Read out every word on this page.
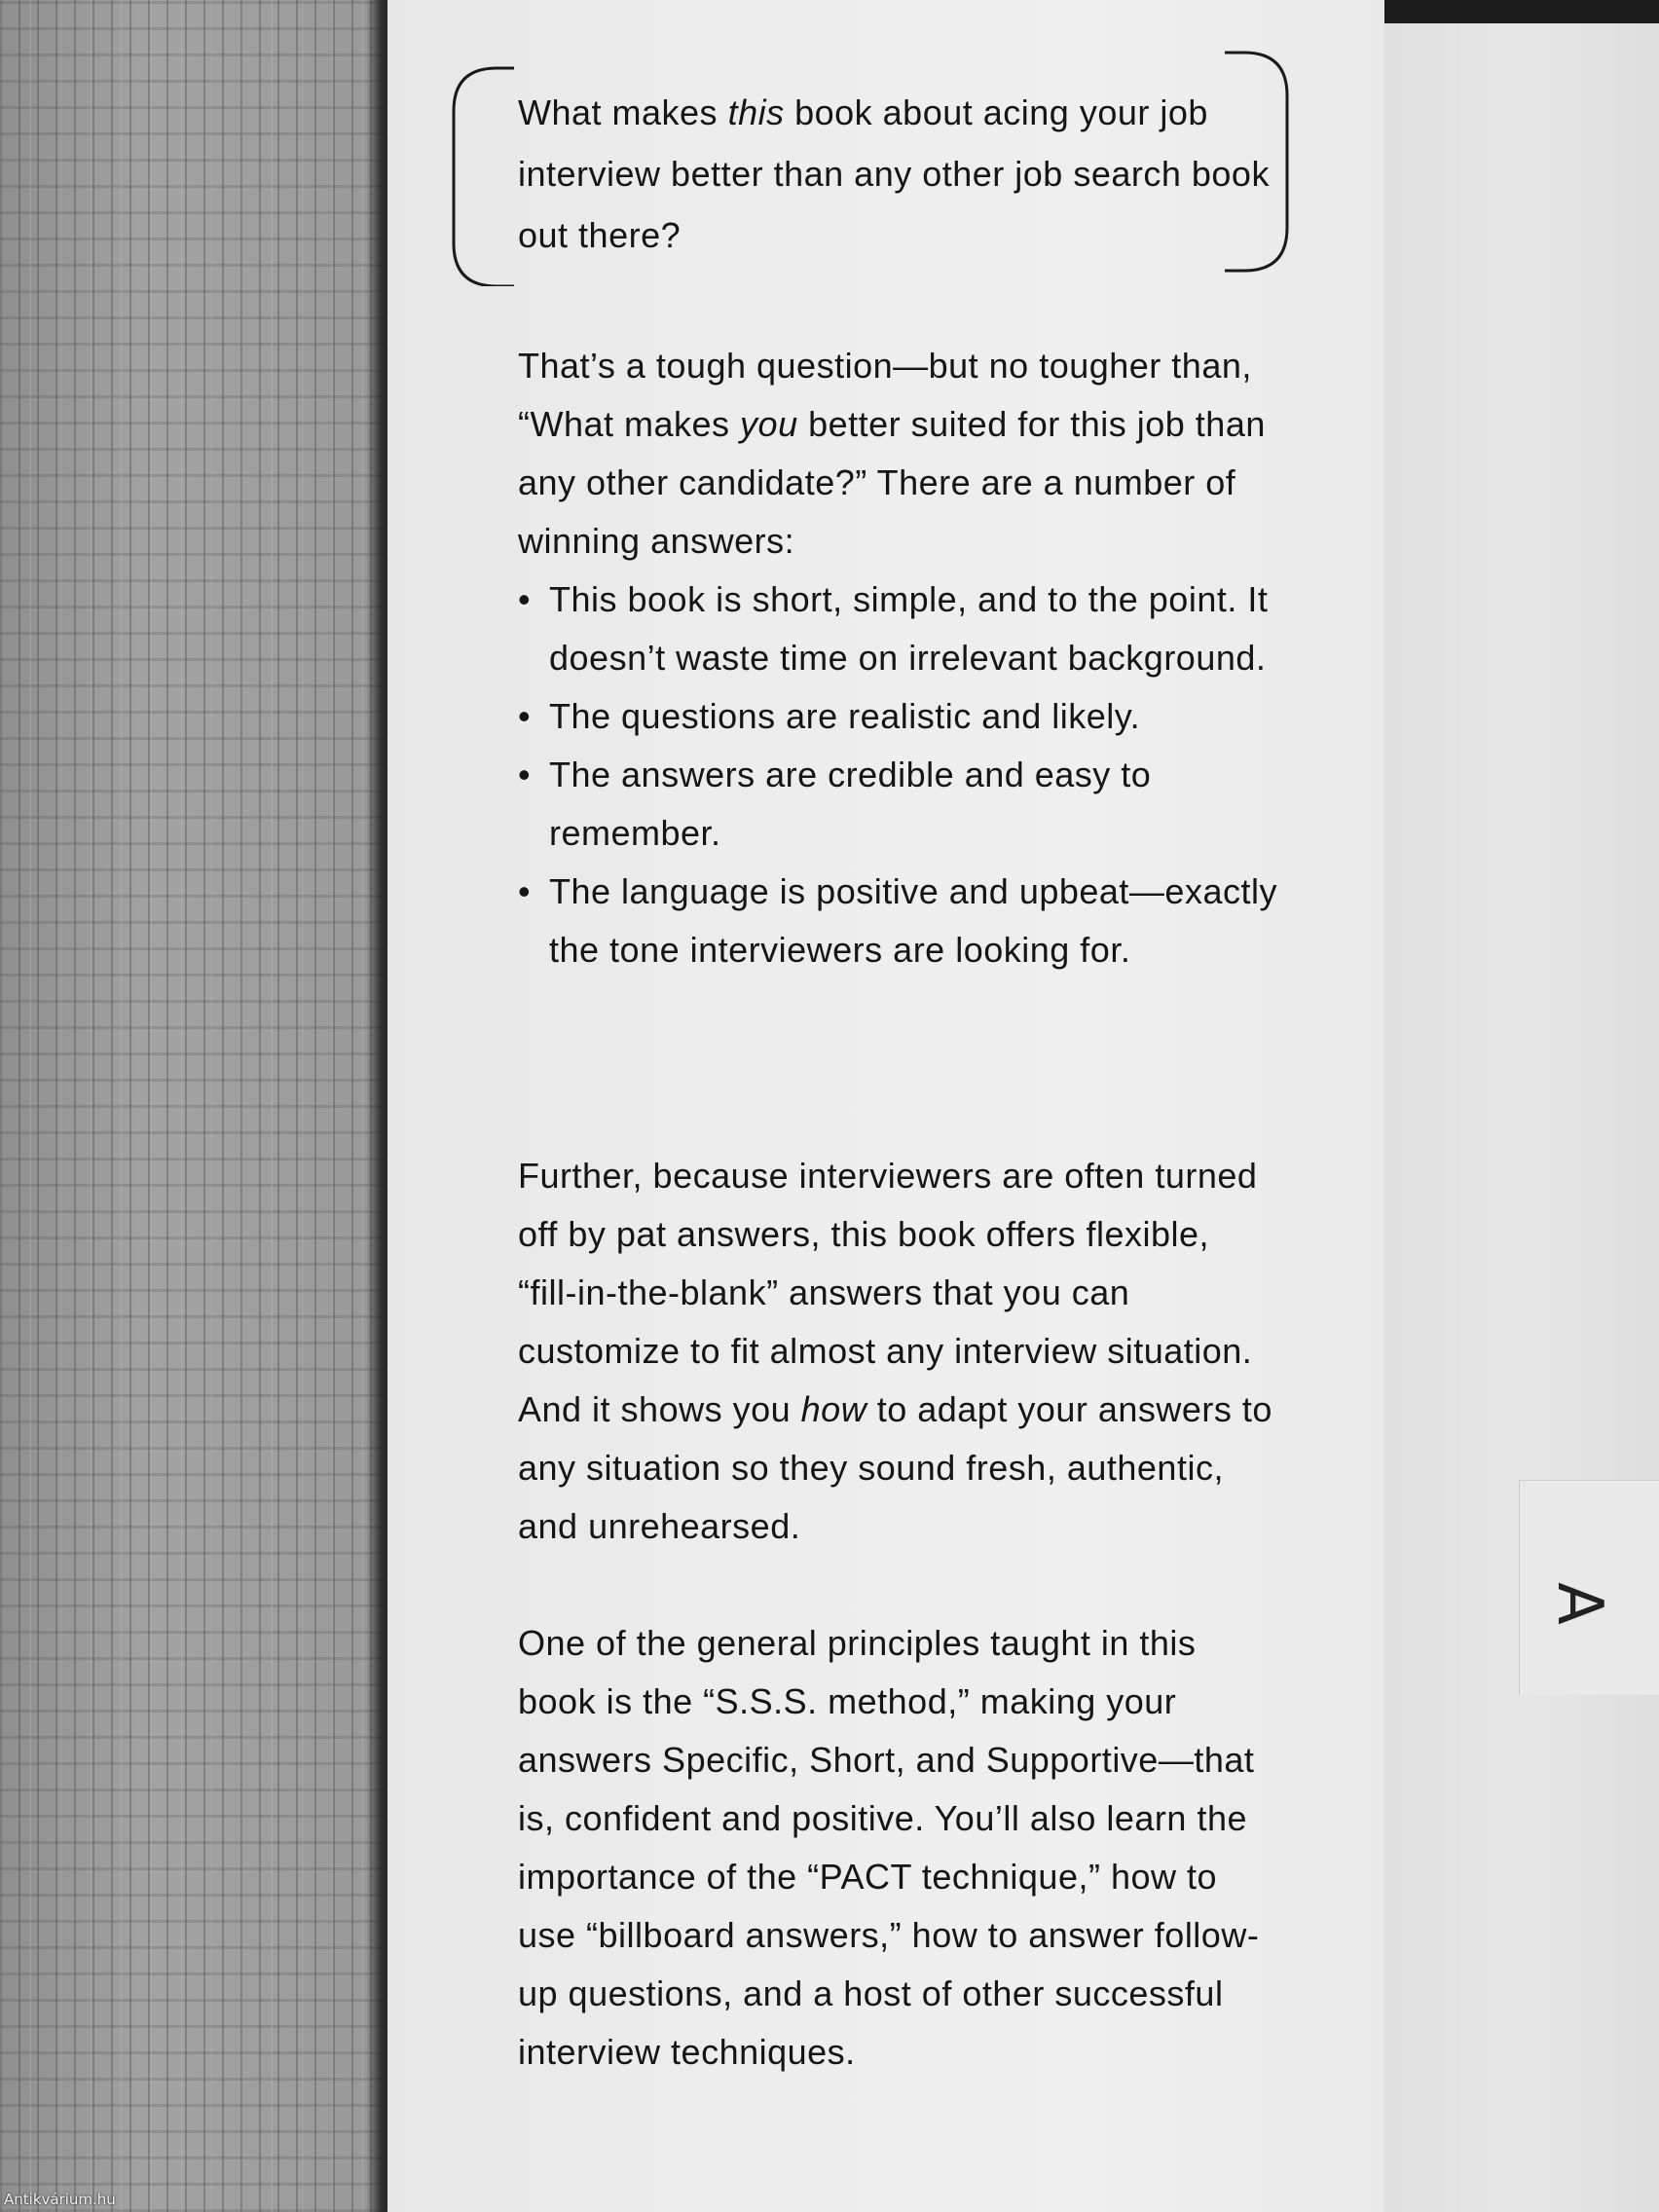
A

What makes this book about acing your job interview better than any other job search book out there?

That’s a tough question—but no tougher than, “What makes you better suited for this job than any other candidate?” There are a number of winning answers:

• This book is short, simple, and to the point. It doesn’t waste time on irrelevant background.
• The questions are realistic and likely.
• The answers are credible and easy to remember.
• The language is positive and upbeat—exactly the tone interviewers are looking for.

Further, because interviewers are often turned off by pat answers, this book offers flexible, “fill-in-the-blank” answers that you can customize to fit almost any interview situation. And it shows you how to adapt your answers to any situation so they sound fresh, authentic, and unrehearsed.

One of the general principles taught in this book is the “S.S.S. method,” making your answers Specific, Short, and Supportive—that is, confident and positive. You’ll also learn the importance of the “PACT technique,” how to use “billboard answers,” how to answer follow-up questions, and a host of other successful interview techniques.

Antikvárium.hu
